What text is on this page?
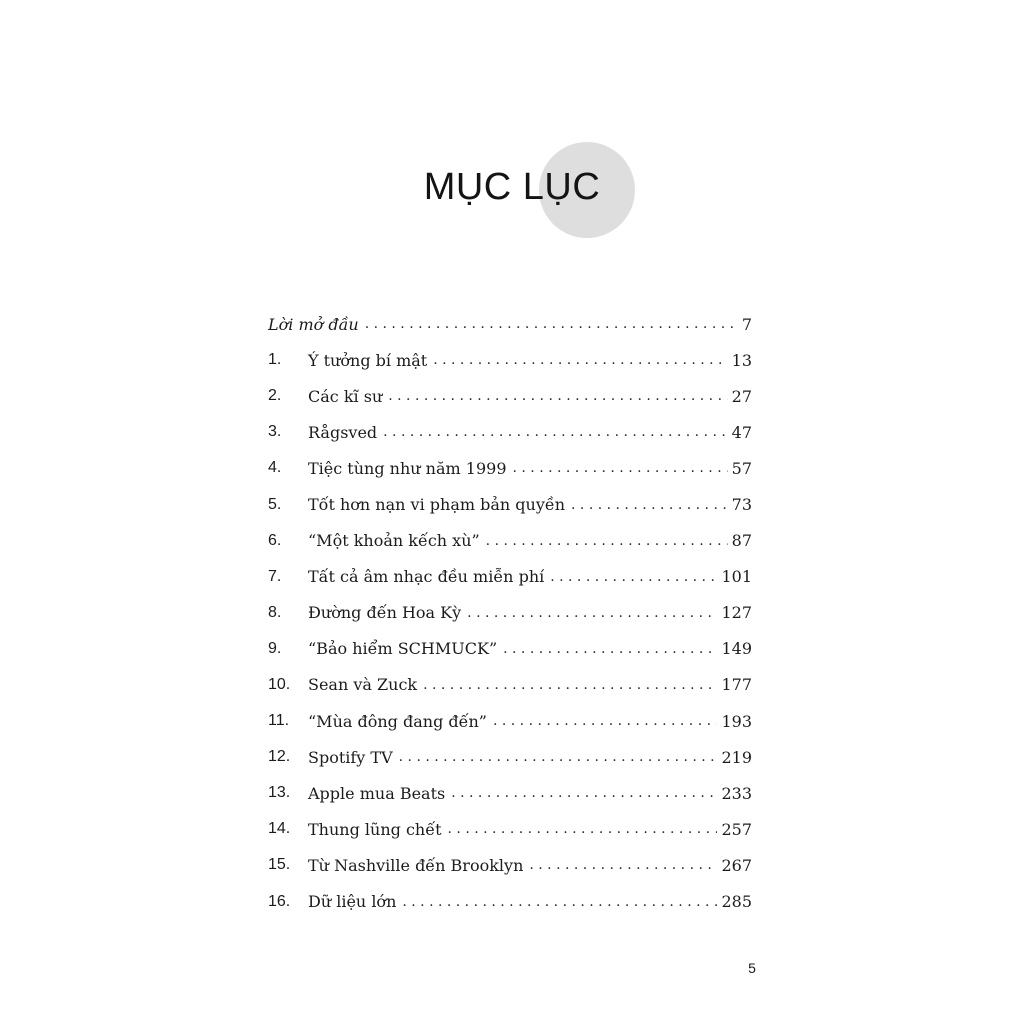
MỤC LỤC
Lời mở đầu . . .	7
1.	Ý tưởng bí mật . . .	13
2.	Các kĩ sư . . .	27
3.	Rågsved . . .	47
4.	Tiệc tùng như năm 1999 . . .	57
5.	Tốt hơn nạn vi phạm bản quyền . . .	73
6.	“Một khoản kếch xù” . . .	87
7.	Tất cả âm nhạc đều miễn phí . . .	101
8.	Đường đến Hoa Kỳ . . .	127
9.	“Bảo hiểm SCHMUCK” . . .	149
10.	Sean và Zuck . . .	177
11.	“Mùa đông đang đến” . . .	193
12.	Spotify TV . . .	219
13.	Apple mua Beats . . .	233
14.	Thung lũng chết . . .	257
15.	Từ Nashville đến Brooklyn . . .	267
16.	Dữ liệu lớn . . .	285
5
